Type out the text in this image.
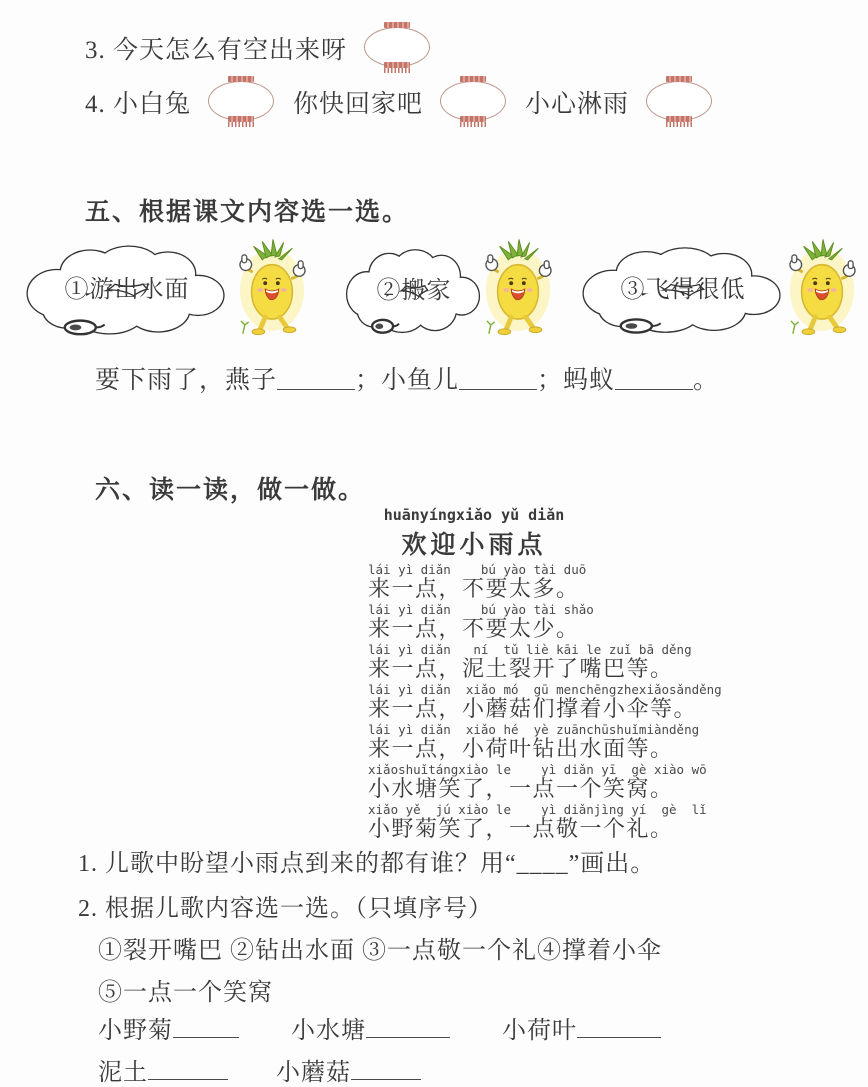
3. 今天怎么有空出来呀
4. 小白兔	你快回家吧	小心淋雨
五、根据课文内容选一选。
①游出水面	②搬家	③飞得很低
要下雨了，燕子	；小鱼儿	；蚂蚁	。
六、读一读，做一做。
huānyíngxiǎo yǔ diǎn
欢迎小雨点
lái yì diǎn    bú yào tài duō
来一点，不要太多。
lái yì diǎn    bú yào tài shǎo
来一点，不要太少。
lái yì diǎn   ní  tǔ liè kāi le zuǐ bā děng
来一点，泥土裂开了嘴巴等。
lái yì diǎn  xiǎo mó  gū menchēngzhexiǎosǎnděng
来一点，小蘑菇们撑着小伞等。
lái yì diǎn  xiǎo hé  yè zuānchūshuǐmiànděng
来一点，小荷叶钻出水面等。
xiǎoshuǐtángxiào le    yì diǎn yī  gè xiào wō
小水塘笑了，一点一个笑窝。
xiǎo yě  jú xiào le    yì diǎnjìng yí  gè  lǐ
小野菊笑了，一点敬一个礼。
1. 儿歌中盼望小雨点到来的都有谁？用“____”画出。
2. 根据儿歌内容选一选。（只填序号）
①裂开嘴巴 ②钻出水面 ③一点敬一个礼④撑着小伞
⑤一点一个笑窝
小野菊	小水塘	小荷叶
泥土	小蘑菇
